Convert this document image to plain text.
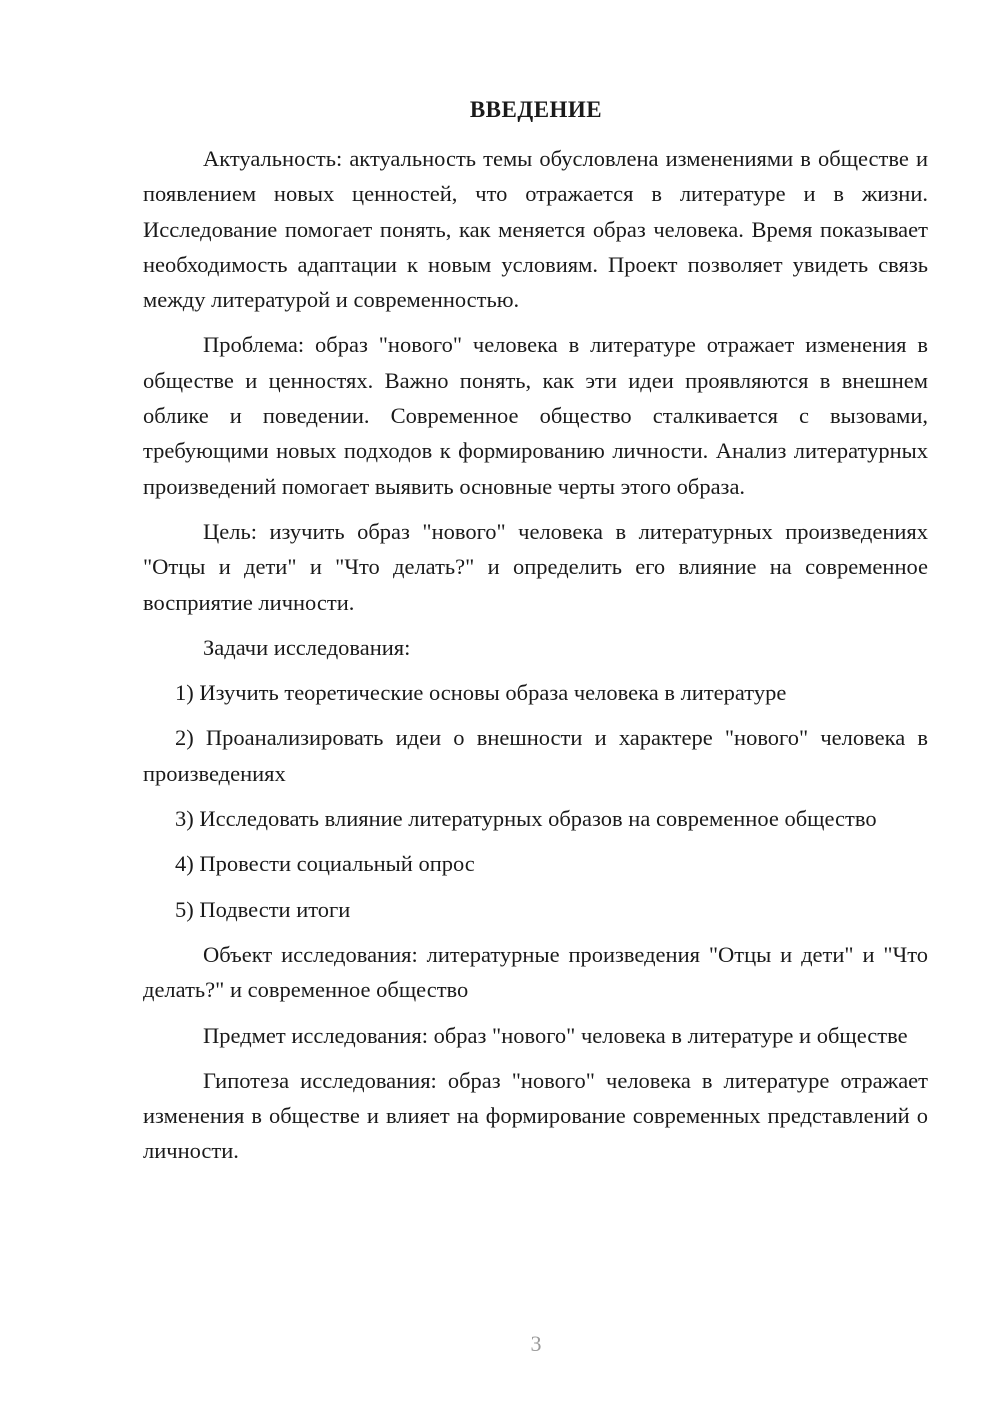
ВВЕДЕНИЕ

Актуальность: актуальность темы обусловлена изменениями в обществе и появлением новых ценностей, что отражается в литературе и в жизни. Исследование помогает понять, как меняется образ человека. Время показывает необходимость адаптации к новым условиям. Проект позволяет увидеть связь между литературой и современностью.

Проблема: образ "нового" человека в литературе отражает изменения в обществе и ценностях. Важно понять, как эти идеи проявляются в внешнем облике и поведении. Современное общество сталкивается с вызовами, требующими новых подходов к формированию личности. Анализ литературных произведений помогает выявить основные черты этого образа.

Цель: изучить образ "нового" человека в литературных произведениях "Отцы и дети" и "Что делать?" и определить его влияние на современное восприятие личности.

Задачи исследования:

1) Изучить теоретические основы образа человека в литературе

2) Проанализировать идеи о внешности и характере "нового" человека в произведениях

3) Исследовать влияние литературных образов на современное общество

4) Провести социальный опрос

5) Подвести итоги

Объект исследования: литературные произведения "Отцы и дети" и "Что делать?" и современное общество

Предмет исследования: образ "нового" человека в литературе и обществе

Гипотеза исследования: образ "нового" человека в литературе отражает изменения в обществе и влияет на формирование современных представлений о личности.

3
